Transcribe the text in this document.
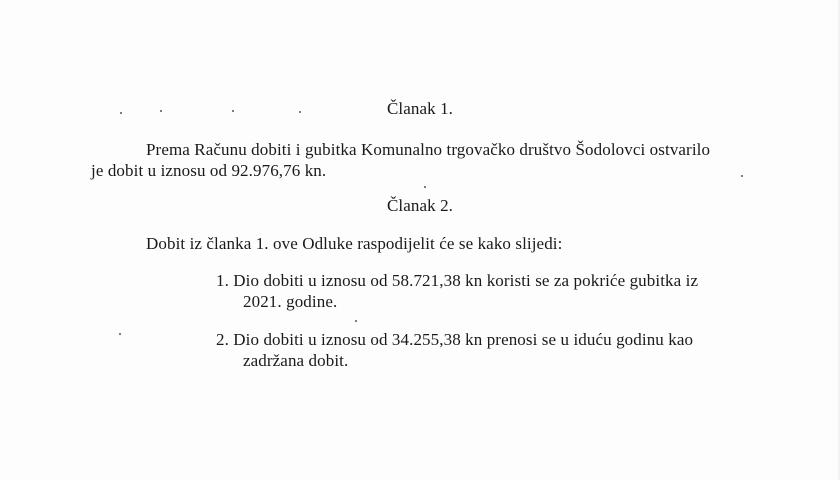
Članak 1.
Prema Računu dobiti i gubitka Komunalno trgovačko društvo Šodolovci ostvarilo
je dobit u iznosu od 92.976,76 kn.
Članak 2.
Dobit iz članka 1. ove Odluke raspodijelit će se kako slijedi:
1. Dio dobiti u iznosu od 58.721,38 kn koristi se za pokriće gubitka iz
2021. godine.
2. Dio dobiti u iznosu od 34.255,38 kn prenosi se u iduću godinu kao
zadržana dobit.
